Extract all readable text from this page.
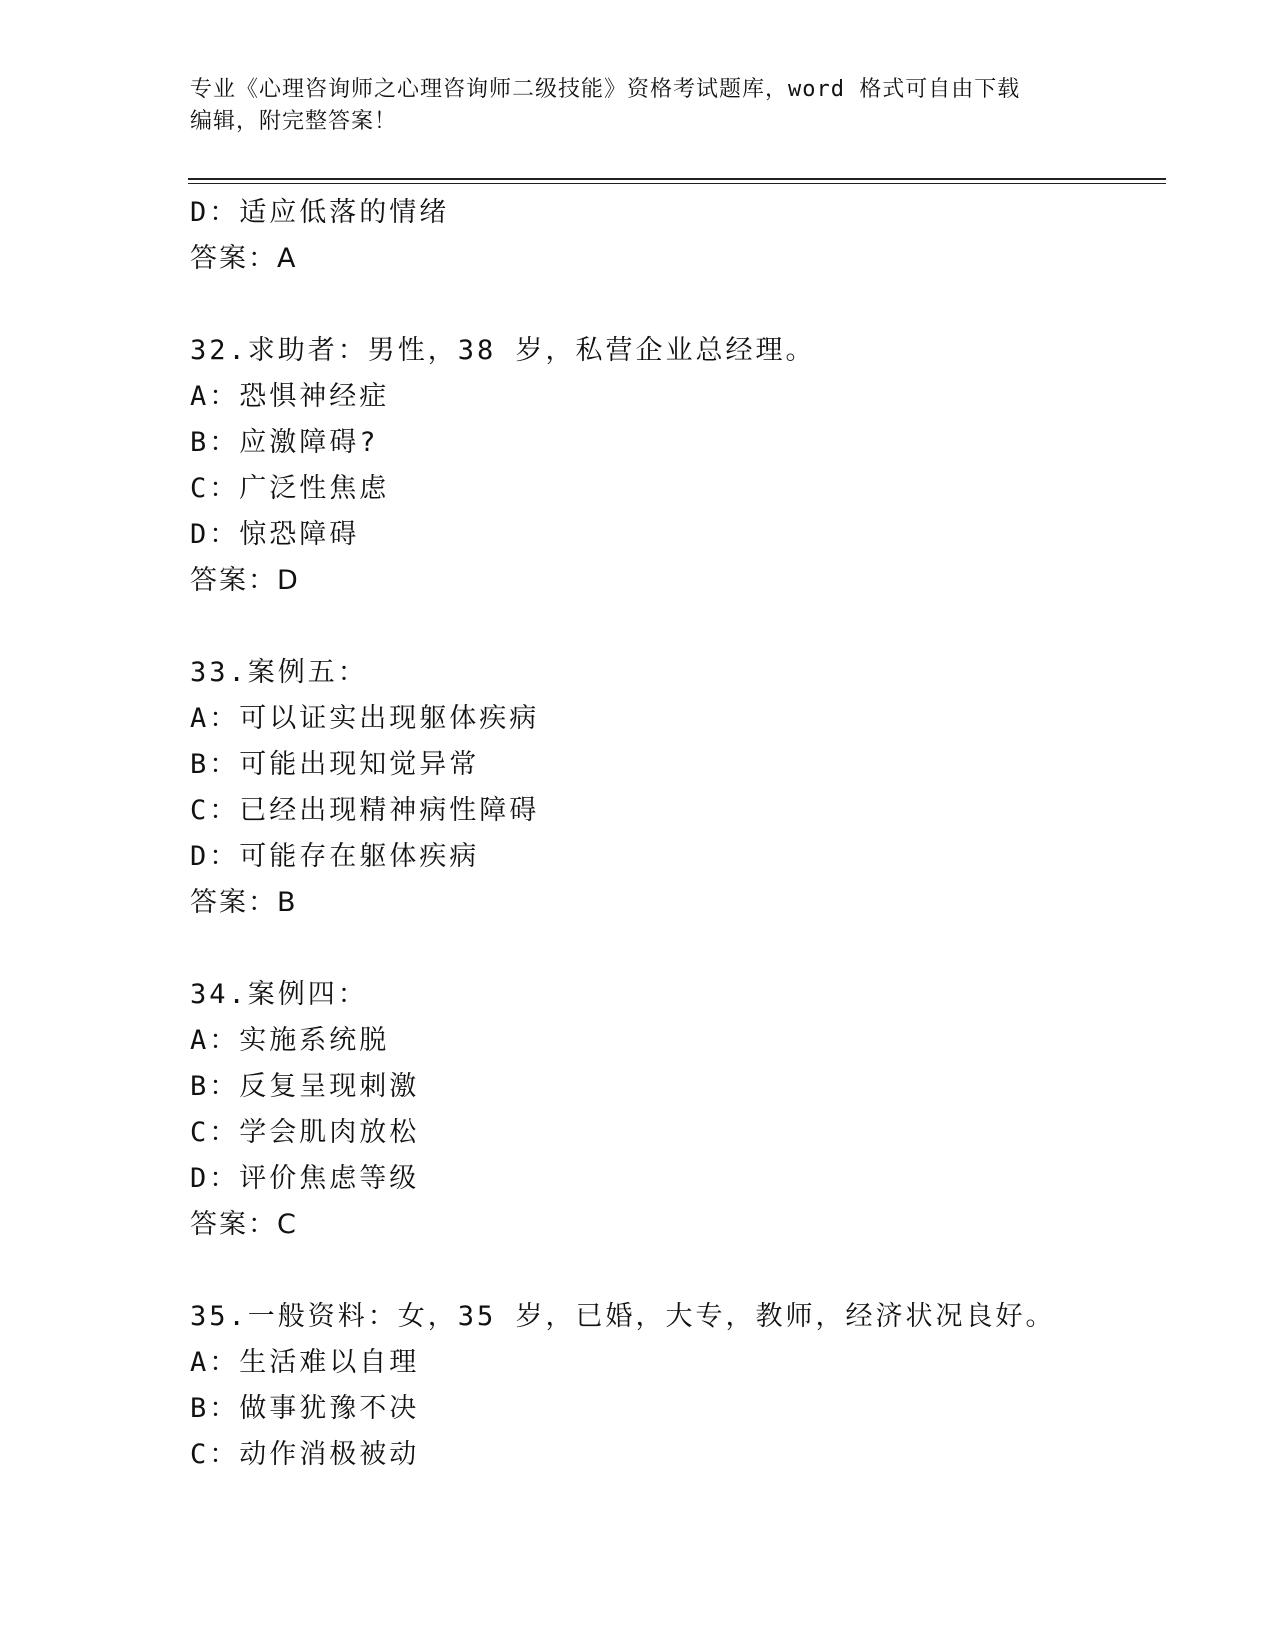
专业《心理咨询师之心理咨询师二级技能》资格考试题库，word 格式可自由下载
编辑，附完整答案！
D：适应低落的情绪
答案：A
32.求助者：男性，38 岁，私营企业总经理。
A：恐惧神经症
B：应激障碍?
C：广泛性焦虑
D：惊恐障碍
答案：D
33.案例五：
A：可以证实出现躯体疾病
B：可能出现知觉异常
C：已经出现精神病性障碍
D：可能存在躯体疾病
答案：B
34.案例四：
A：实施系统脱
B：反复呈现刺激
C：学会肌肉放松
D：评价焦虑等级
答案：C
35.一般资料：女，35 岁，已婚，大专，教师，经济状况良好。
A：生活难以自理
B：做事犹豫不决
C：动作消极被动
